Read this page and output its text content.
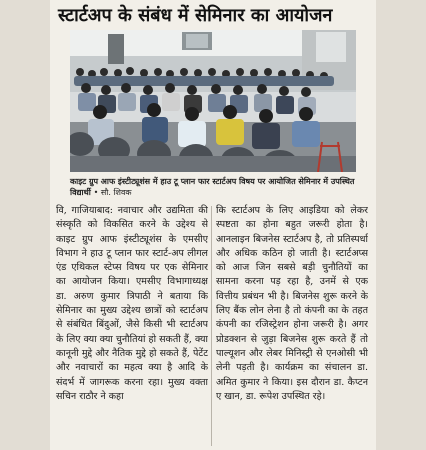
स्टार्टअप के संबंध में सेमिनार का आयोजन
काइट ग्रुप आफ इंस्टीट्यूशंस में हाउ टू प्लान फार स्टार्टअप विषय पर आयोजित सेमिनार में उपस्थित विद्यार्थी • सौ. शिवक
वि, गाजियाबाद: नवाचार और उद्यमिता की संस्कृति को विकसित करने के उद्देश्य से काइट ग्रुप आफ इंस्टीट्यूशंस के एमसीए विभाग ने हाउ टू प्लान फार स्टार्ट-अप लीगल एंड एथिकल स्टेप्स विषय पर एक सेमिनार का आयोजन किया। एमसीए विभागाध्यक्ष डा. अरुण कुमार त्रिपाठी ने बताया कि सेमिनार का मुख्य उद्देश्य छात्रों को स्टार्टअप से संबंधित बिंदुओं, जैसे किसी भी स्टार्टअप के लिए क्या क्या चुनौतियां हो सकती हैं, क्या कानूनी मुद्दे और नैतिक मुद्दे हो सकते हैं, पेटेंट और नवाचारों का महत्व क्या है आदि के संदर्भ में जागरूक करना रहा। मुख्य वक्ता सचिन राठौर ने कहा
कि स्टार्टअप के लिए आइडिया को लेकर स्पष्टता का होना बहुत जरूरी होता है। आनलाइन बिजनेस स्टार्टअप है, तो प्रतिस्पर्धा और अधिक कठिन हो जाती है। स्टार्टअप्स को आज जिन सबसे बड़ी चुनौतियों का सामना करना पड़ रहा है, उनमें से एक वित्तीय प्रबंधन भी है। बिजनेस शुरू करने के लिए बैंक लोन लेना है तो कंपनी का के तहत कंपनी का रजिस्ट्रेशन होना जरूरी है। अगर प्रोडक्शन से जुड़ा बिजनेस शुरू करते हैं तो पाल्यूशन और लेबर मिनिस्ट्री से एनओसी भी लेनी पड़ती है। कार्यक्रम का संचालन डा. अमित कुमार ने किया। इस दौरान डा. कैप्टन ए खान, डा. रूपेश उपस्थित रहे।
